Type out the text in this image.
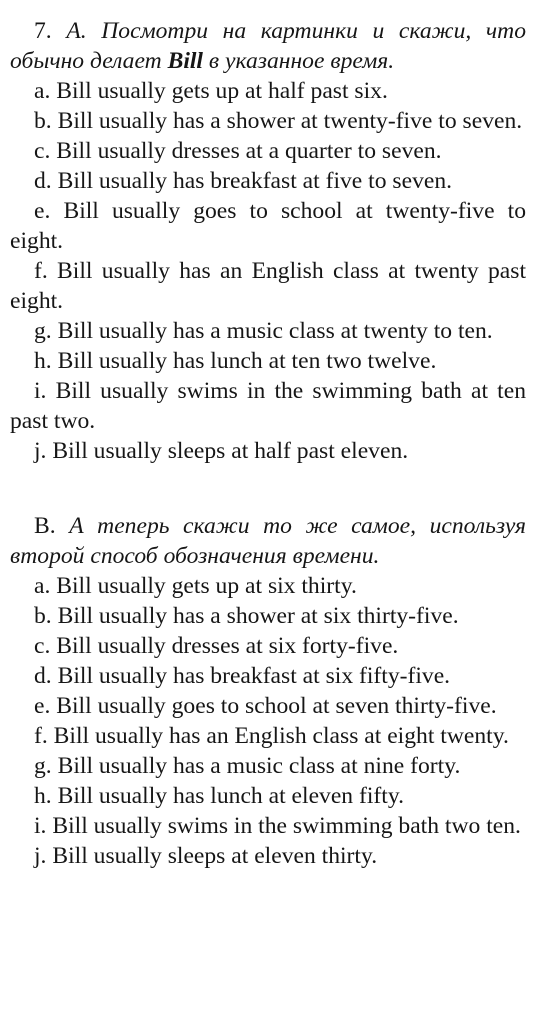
7. А. Посмотри на картинки и скажи, что обычно делает Bill в указанное время.

a. Bill usually gets up at half past six.

b. Bill usually has a shower at twenty-five to seven.

c. Bill usually dresses at a quarter to seven.

d. Bill usually has breakfast at five to seven.

e. Bill usually goes to school at twenty-five to eight.

f. Bill usually has an English class at twenty past eight.

g. Bill usually has a music class at twenty to ten.

h. Bill usually has lunch at ten two twelve.

i. Bill usually swims in the swimming bath at ten past two.

j. Bill usually sleeps at half past eleven.

B. А теперь скажи то же самое, используя второй способ обозначения времени.

a. Bill usually gets up at six thirty.

b. Bill usually has a shower at six thirty-five.

c. Bill usually dresses at six forty-five.

d. Bill usually has breakfast at six fifty-five.

e. Bill usually goes to school at seven thirty-five.

f. Bill usually has an English class at eight twenty.

g. Bill usually has a music class at nine forty.

h. Bill usually has lunch at eleven fifty.

i. Bill usually swims in the swimming bath two ten.

j. Bill usually sleeps at eleven thirty.
